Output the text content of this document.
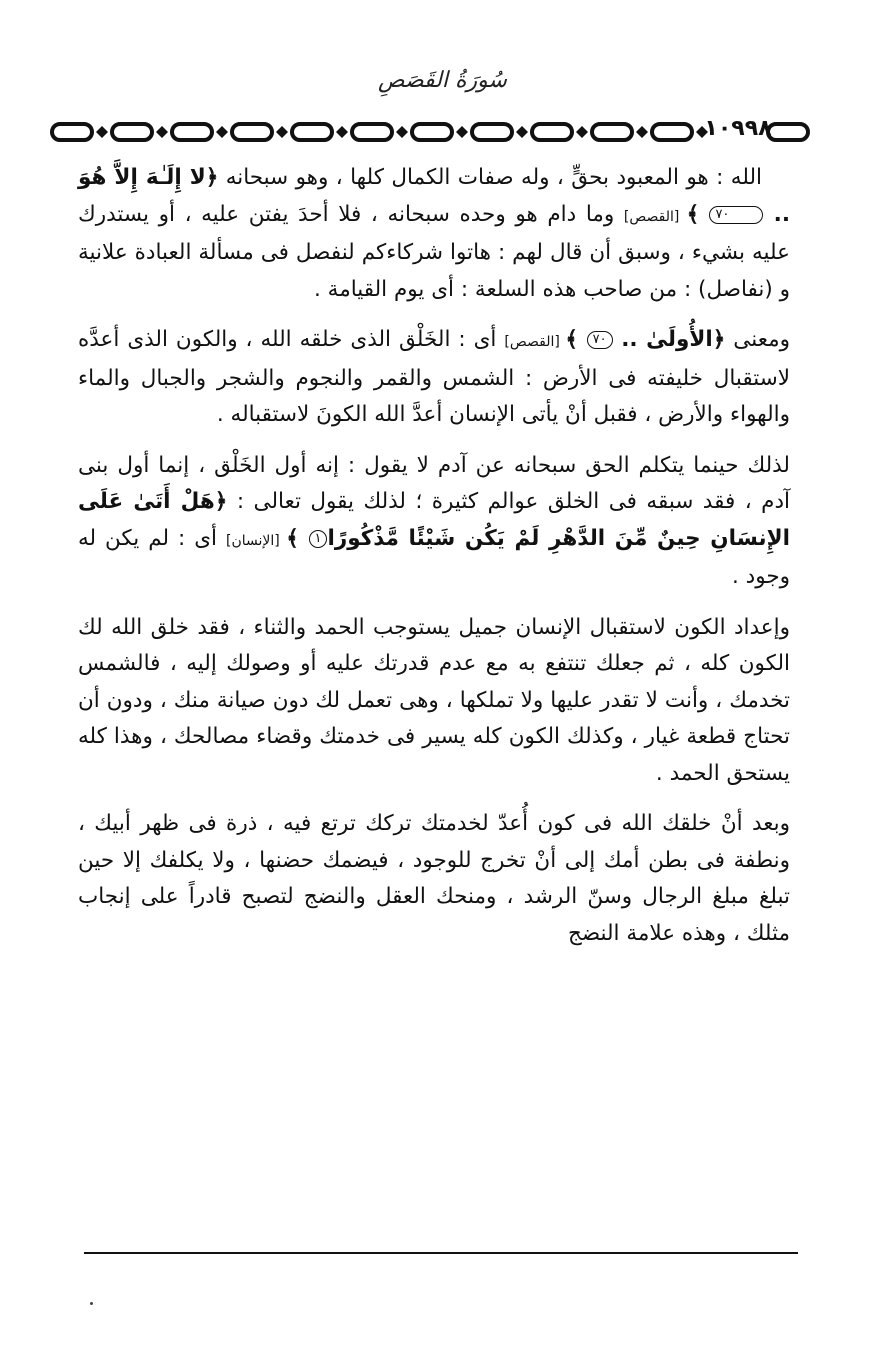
سُورَةُ القَصَصِ
١٠٩٩٨

الله : هو المعبود بحقٍّ ، وله صفات الكمال كلها ، وهو سبحانه ﴿لا إِلَـٰهَ إِلاَّ هُوَ .. ٧٠ ﴾ [القصص] وما دام هو وحده سبحانه ، فلا أحدَ يفتن عليه ، أو يستدرك عليه بشيء ، وسبق أن قال لهم : هاتوا شركاءكم لنفصل فى مسألة العبادة علانية و (نفاصل) : من صاحب هذه السلعة : أى يوم القيامة .

ومعنى ﴿الأُولَىٰ .. ٧٠ ﴾ [القصص] أى : الخَلْق الذى خلقه الله ، والكون الذى أعدَّه لاستقبال خليفته فى الأرض : الشمس والقمر والنجوم والشجر والجبال والماء والهواء والأرض ، فقبل أنْ يأتى الإنسان أعدَّ الله الكونَ لاستقباله .

لذلك حينما يتكلم الحق سبحانه عن آدم لا يقول : إنه أول الخَلْق ، إنما أول بنى آدم ، فقد سبقه فى الخلق عوالم كثيرة ؛ لذلك يقول تعالى : ﴿هَلْ أَتَىٰ عَلَى الإِنسَانِ حِينٌ مِّنَ الدَّهْرِ لَمْ يَكُن شَيْئًا مَّذْكُورًا١ ﴾ [الإنسان] أى : لم يكن له وجود .

وإعداد الكون لاستقبال الإنسان جميل يستوجب الحمد والثناء ، فقد خلق الله لك الكون كله ، ثم جعلك تنتفع به مع عدم قدرتك عليه أو وصولك إليه ، فالشمس تخدمك ، وأنت لا تقدر عليها ولا تملكها ، وهى تعمل لك دون صيانة منك ، ودون أن تحتاج قطعة غيار ، وكذلك الكون كله يسير فى خدمتك وقضاء مصالحك ، وهذا كله يستحق الحمد .

وبعد أنْ خلقك الله فى كون أُعدّ لخدمتك تركك ترتع فيه ، ذرة فى ظهر أبيك ، ونطفة فى بطن أمك إلى أنْ تخرج للوجود ، فيضمك حضنها ، ولا يكلفك إلا حين تبلغ مبلغ الرجال وسنّ الرشد ، ومنحك العقل والنضج لتصبح قادراً على إنجاب مثلك ، وهذه علامة النضج
